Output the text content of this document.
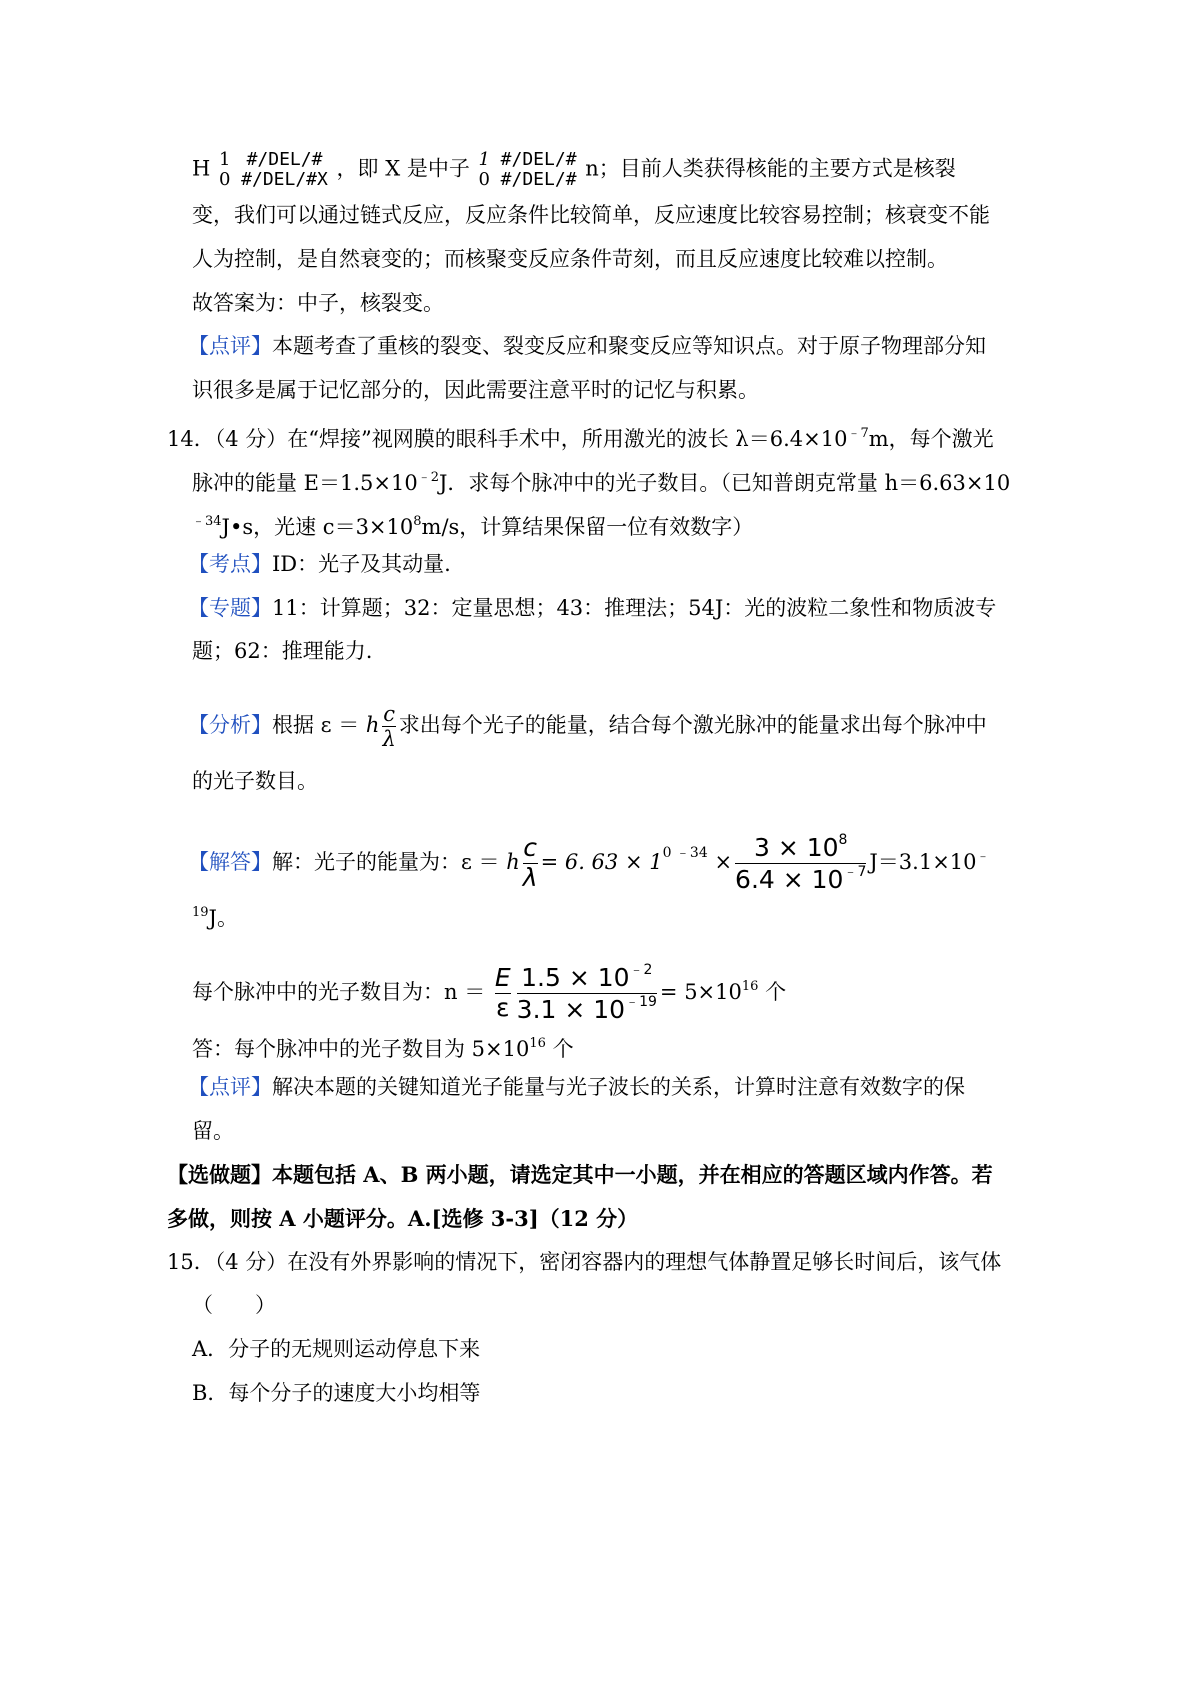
H 1
0

#/DEL/#
#/DEL/#X ，即 X 是中子 1
0

#/DEL/#
#/DEL/# n；目前人类获得核能的主要方式是核裂
变，我们可以通过链式反应，反应条件比较简单，反应速度比较容易控制；核衰变不能
人为控制，是自然衰变的；而核聚变反应条件苛刻，而且反应速度比较难以控制。
故答案为：中子，核裂变。
【点评】本题考查了重核的裂变、裂变反应和聚变反应等知识点。对于原子物理部分知
识很多是属于记忆部分的，因此需要注意平时的记忆与积累。
14．（4 分）在“焊接”视网膜的眼科手术中，所用激光的波长 $\lambda=6.4\times 10^{﹣7}m$，每个激光
脉冲的能量 $E=1.5\times 10^{﹣2}J$．求每个脉冲中的光子数目。（已知普朗克常量 h＝6.63×10
$^{﹣34}$J•s，光速 $c=3\times 10^8m/s$，计算结果保留一位有效数字）
【考点】ID：光子及其动量.
【专题】11：计算题；32：定量思想；43：推理法；54J：光的波粒二象性和物质波专
题；62：推理能力.
【分析】根据 ε ＝ h $\frac{c}{\lambda}$ 求出每个光子的能量，结合每个激光脉冲的能量求出每个脉冲中
的光子数目。
【解答】解：光子的能量为：ε ＝ h $\frac{c}{\lambda} = 6$. $63 \times 1^{0 ﹣34} \times \frac{3 \times 10^8}{6.4 \times 10^{﹣7}} J=3.1\times 10^﹣$
$^{19}$J。
每个脉冲中的光子数目为：$n = \frac{E}{\varepsilon} \frac{1.5 \times 10^{﹣2}}{3.1 \times 10^{﹣19}} = 5\times 10^{16}$ 个
答：每个脉冲中的光子数目为 $5\times 10^{16}$ 个
【点评】解决本题的关键知道光子能量与光子波长的关系，计算时注意有效数字的保
留。
【选做题】本题包括 A、B 两小题，请选定其中一小题，并在相应的答题区域内作答。若
多做，则按 A 小题评分。A.[选修 3-3]（12 分）
15．（4 分）在没有外界影响的情况下，密闭容器内的理想气体静置足够长时间后，该气体
（　　）
A．分子的无规则运动停息下来
B．每个分子的速度大小均相等
